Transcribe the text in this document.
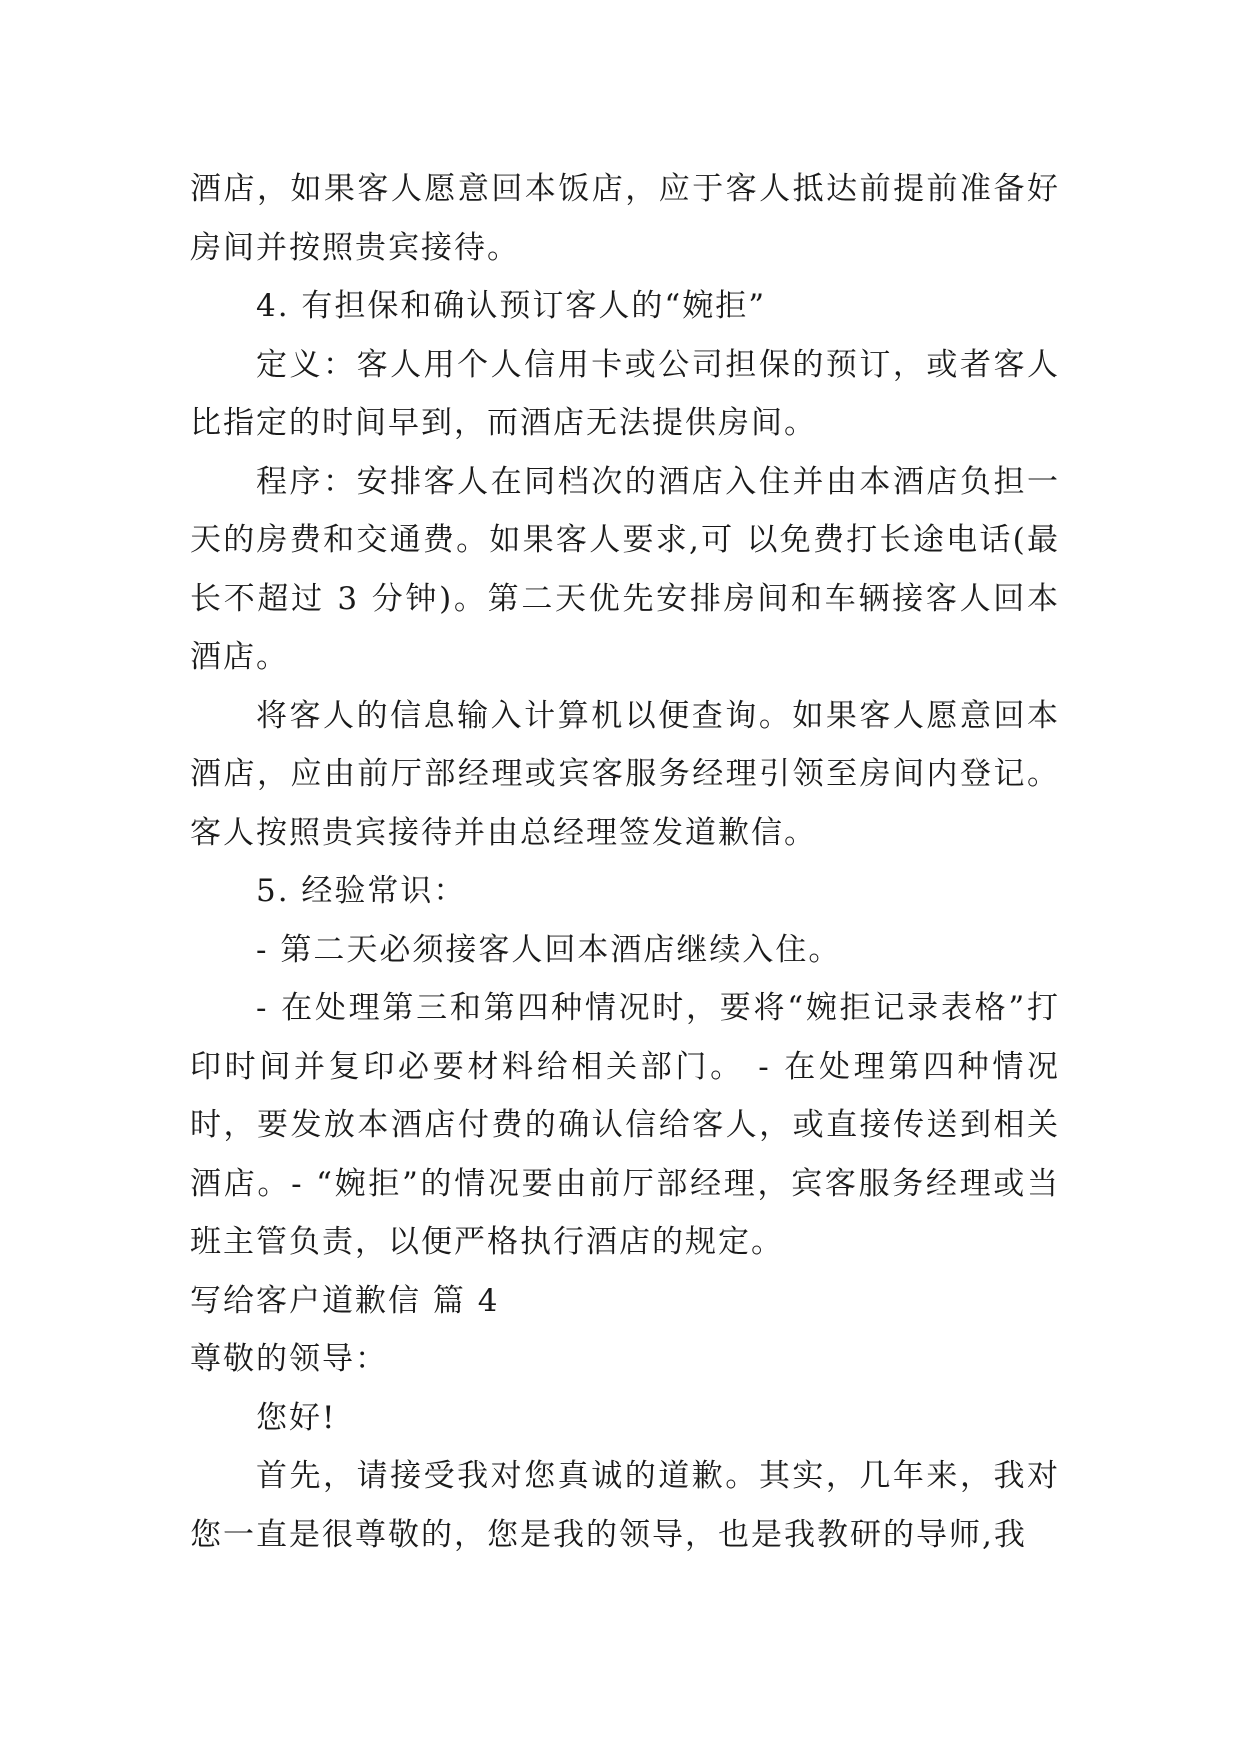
酒店，如果客人愿意回本饭店，应于客人抵达前提前准备好房间并按照贵宾接待。

4. 有担保和确认预订客人的“婉拒”

定义：客人用个人信用卡或公司担保的预订，或者客人比指定的时间早到，而酒店无法提供房间。

程序：安排客人在同档次的酒店入住并由本酒店负担一天的房费和交通费。如果客人要求,可 以免费打长途电话(最长不超过 3 分钟)。第二天优先安排房间和车辆接客人回本酒店。

将客人的信息输入计算机以便查询。如果客人愿意回本酒店，应由前厅部经理或宾客服务经理引领至房间内登记。客人按照贵宾接待并由总经理签发道歉信。

5. 经验常识：

- 第二天必须接客人回本酒店继续入住。

- 在处理第三和第四种情况时，要将“婉拒记录表格”打印时间并复印必要材料给相关部门。 - 在处理第四种情况时，要发放本酒店付费的确认信给客人，或直接传送到相关酒店。- “婉拒”的情况要由前厅部经理，宾客服务经理或当班主管负责，以便严格执行酒店的规定。

写给客户道歉信 篇 4

尊敬的领导：

您好!

首先，请接受我对您真诚的道歉。其实，几年来，我对您一直是很尊敬的，您是我的领导，也是我教研的导师,我
